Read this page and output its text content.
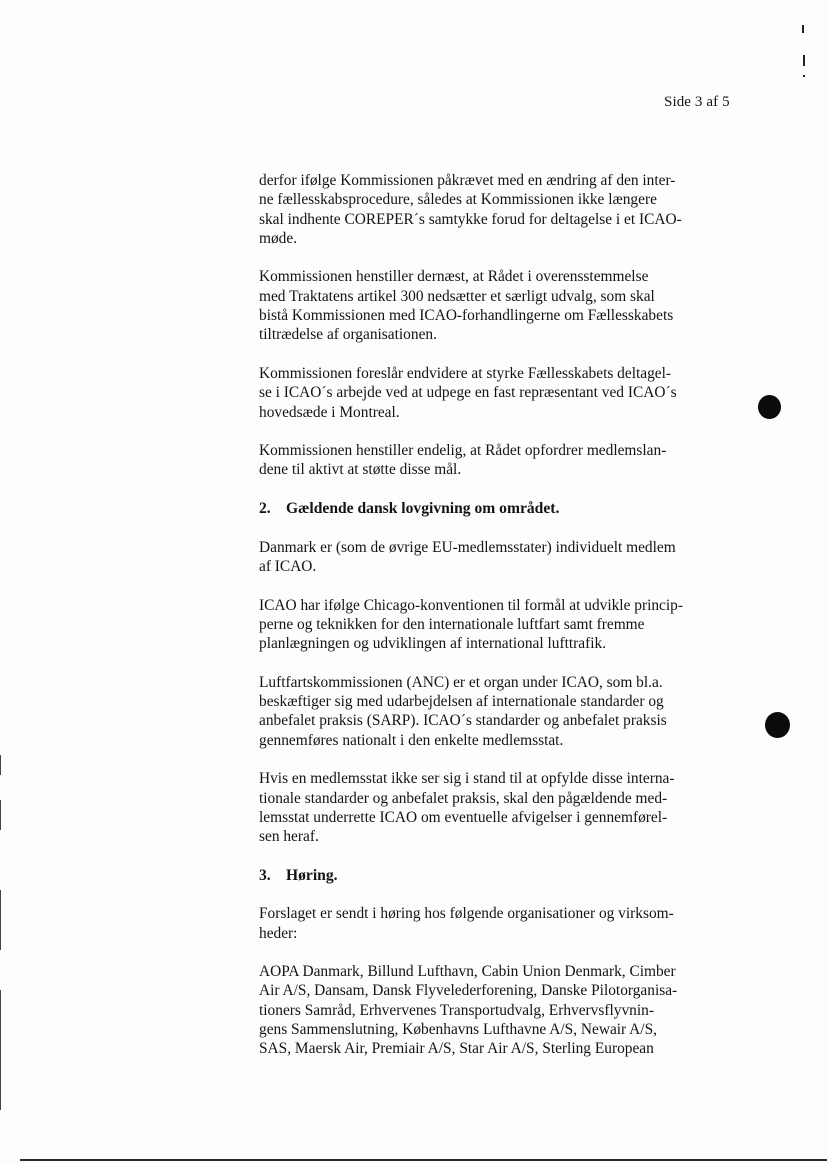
Side 3 af 5

derfor ifølge Kommissionen påkrævet med en ændring af den inter-
ne fællesskabsprocedure, således at Kommissionen ikke længere
skal indhente COREPER´s samtykke forud for deltagelse i et ICAO-
møde.

Kommissionen henstiller dernæst, at Rådet i overensstemmelse
med Traktatens artikel 300 nedsætter et særligt udvalg, som skal
bistå Kommissionen med ICAO-forhandlingerne om Fællesskabets
tiltrædelse af organisationen.

Kommissionen foreslår endvidere at styrke Fællesskabets deltagel-
se i ICAO´s arbejde ved at udpege en fast repræsentant ved ICAO´s
hovedsæde i Montreal.

Kommissionen henstiller endelig, at Rådet opfordrer medlemslan-
dene til aktivt at støtte disse mål.

2. Gældende dansk lovgivning om området.

Danmark er (som de øvrige EU-medlemsstater) individuelt medlem
af ICAO.

ICAO har ifølge Chicago-konventionen til formål at udvikle princip-
perne og teknikken for den internationale luftfart samt fremme
planlægningen og udviklingen af international lufttrafik.

Luftfartskommissionen (ANC) er et organ under ICAO, som bl.a.
beskæftiger sig med udarbejdelsen af internationale standarder og
anbefalet praksis (SARP). ICAO´s standarder og anbefalet praksis
gennemføres nationalt i den enkelte medlemsstat.

Hvis en medlemsstat ikke ser sig i stand til at opfylde disse interna-
tionale standarder og anbefalet praksis, skal den pågældende med-
lemsstat underrette ICAO om eventuelle afvigelser i gennemførel-
sen heraf.

3. Høring.

Forslaget er sendt i høring hos følgende organisationer og virksom-
heder:

AOPA Danmark, Billund Lufthavn, Cabin Union Denmark, Cimber
Air A/S, Dansam, Dansk Flyvelederforening, Danske Pilotorganisa-
tioners Samråd, Erhvervenes Transportudvalg, Erhvervsflyvnin-
gens Sammenslutning, Københavns Lufthavne A/S, Newair A/S,
SAS, Maersk Air, Premiair A/S, Star Air A/S, Sterling European
